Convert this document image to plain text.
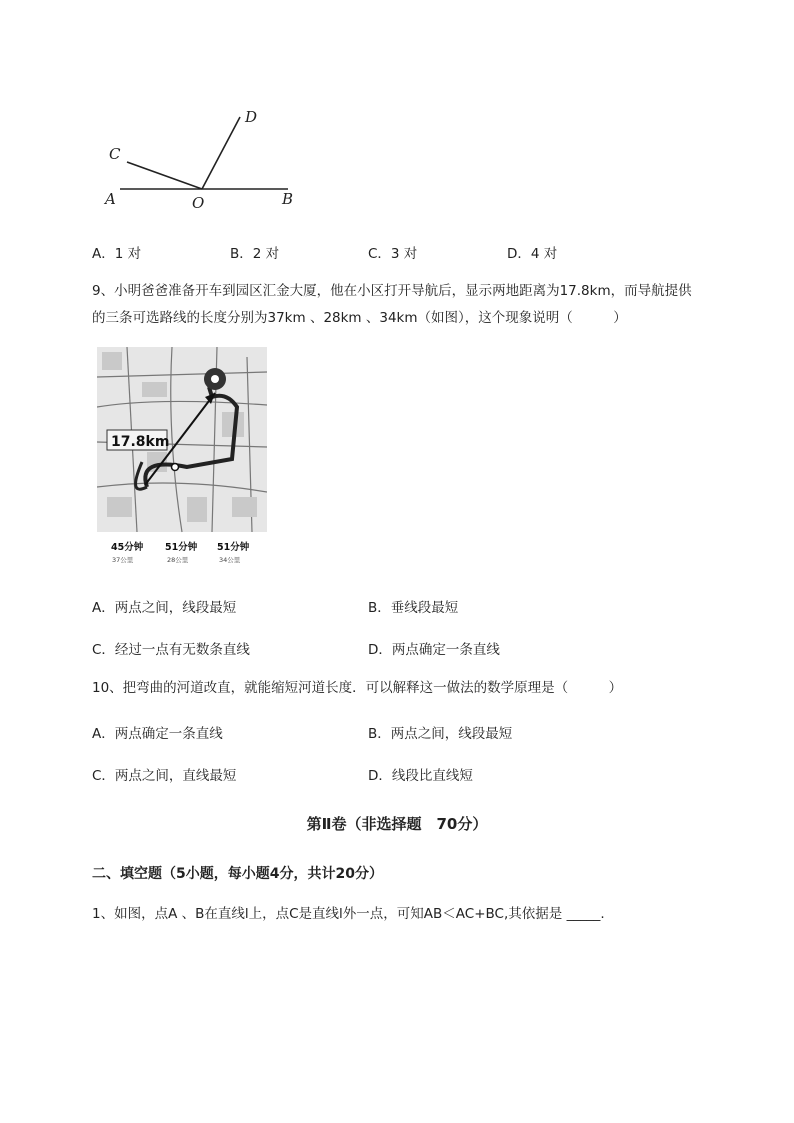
D
C
A	O	B
A．1 对	B．2 对	C．3 对	D．4 对
9、小明爸爸准备开车到园区汇金大厦，他在小区打开导航后，显示两地距离为17.8km，而导航提供
的三条可选路线的长度分别为37km 、28km 、34km（如图），这个现象说明（　　　）
17.8km
45分钟 51分钟 51分钟
37公里	28公里	34公里
A．两点之间，线段最短	B．垂线段最短
C．经过一点有无数条直线	D．两点确定一条直线
10、把弯曲的河道改直，就能缩短河道长度．可以解释这一做法的数学原理是（　　　）
A．两点确定一条直线	B．两点之间，线段最短
C．两点之间，直线最短	D．线段比直线短
第Ⅱ卷（非选择题　70分）
二、填空题（5小题，每小题4分，共计20分）
1、如图，点A 、B在直线l上，点C是直线l外一点，可知AB＜AC+BC,其依据是 _____.
